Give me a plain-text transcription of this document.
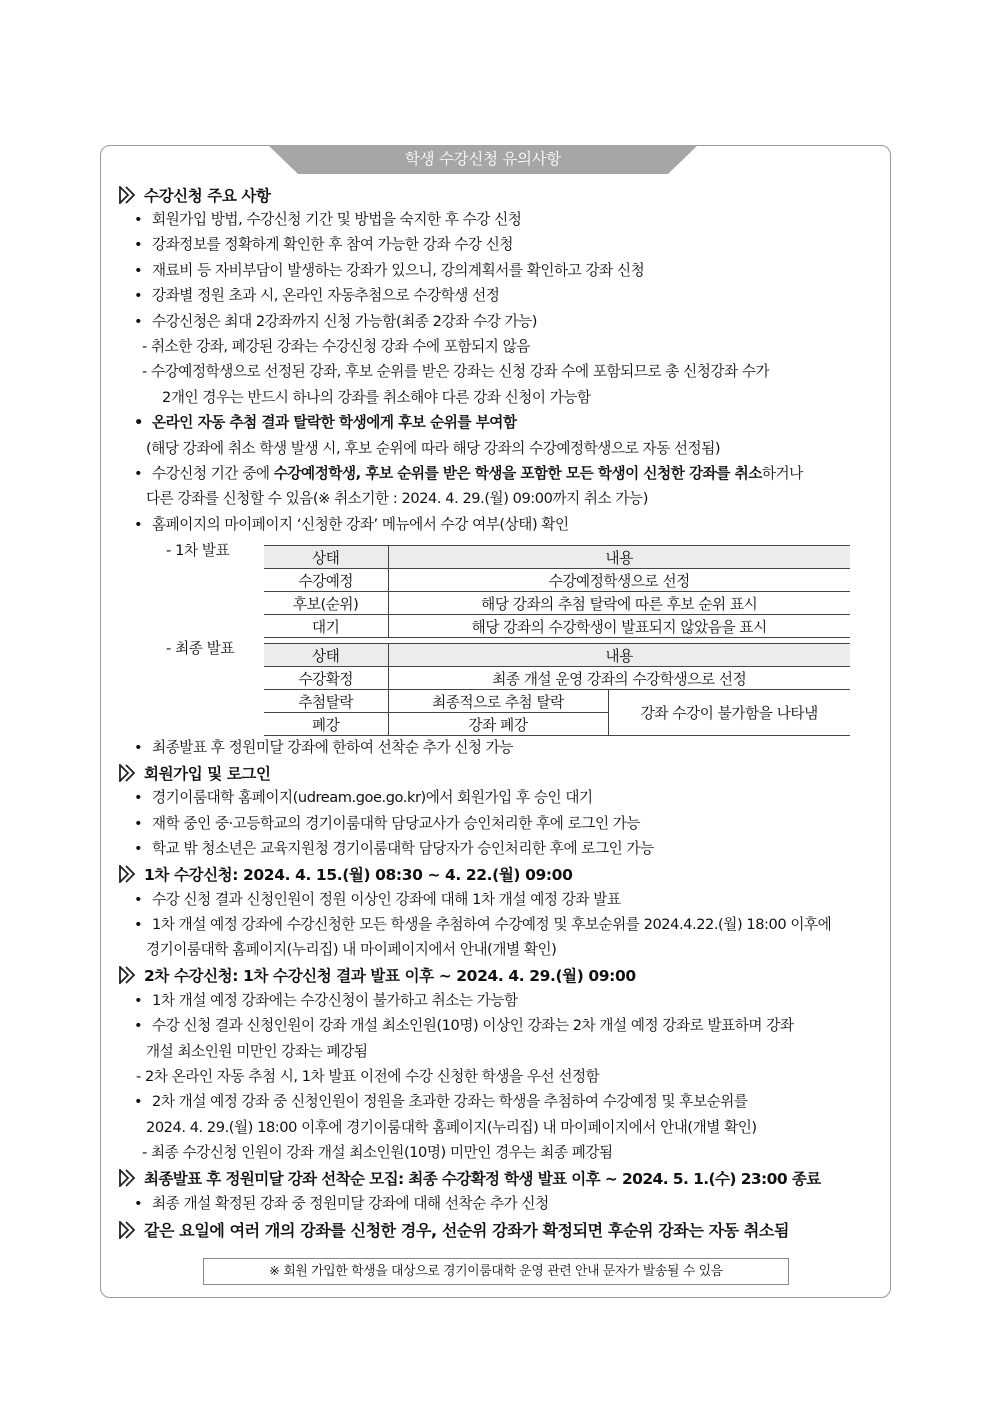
학생 수강신청 유의사항
수강신청 주요 사항
• 회원가입 방법, 수강신청 기간 및 방법을 숙지한 후 수강 신청
• 강좌정보를 정확하게 확인한 후 참여 가능한 강좌 수강 신청
• 재료비 등 자비부담이 발생하는 강좌가 있으니, 강의계획서를 확인하고 강좌 신청
• 강좌별 정원 초과 시, 온라인 자동추첨으로 수강학생 선정
• 수강신청은 최대 2강좌까지 신청 가능함(최종 2강좌 수강 가능)
- 취소한 강좌, 폐강된 강좌는 수강신청 강좌 수에 포함되지 않음
- 수강예정학생으로 선정된 강좌, 후보 순위를 받은 강좌는 신청 강좌 수에 포함되므로 총 신청강좌 수가
2개인 경우는 반드시 하나의 강좌를 취소해야 다른 강좌 신청이 가능함
• 온라인 자동 추첨 결과 탈락한 학생에게 후보 순위를 부여함
(해당 강좌에 취소 학생 발생 시, 후보 순위에 따라 해당 강좌의 수강예정학생으로 자동 선정됨)
• 수강신청 기간 중에 수강예정학생, 후보 순위를 받은 학생을 포함한 모든 학생이 신청한 강좌를 취소하거나
다른 강좌를 신청할 수 있음(※ 취소기한 : 2024. 4. 29.(월) 09:00까지 취소 가능)
• 홈페이지의 마이페이지 ‘신청한 강좌’ 메뉴에서 수강 여부(상태) 확인
- 1차 발표	상태	내용
수강예정	수강예정학생으로 선정
후보(순위)	해당 강좌의 추첨 탈락에 따른 후보 순위 표시
대기	해당 강좌의 수강학생이 발표되지 않았음을 표시
- 최종 발표	상태	내용	
수강확정	최종 개설 운영 강좌의 수강학생으로 선정	
추첨탈락	최종적으로 추첨 탈락	강좌 수강이 불가함을 나타냄
폐강	강좌 폐강	
• 최종발표 후 정원미달 강좌에 한하여 선착순 추가 신청 가능
회원가입 및 로그인
• 경기이룸대학 홈페이지(udream.goe.go.kr)에서 회원가입 후 승인 대기
• 재학 중인 중·고등학교의 경기이룸대학 담당교사가 승인처리한 후에 로그인 가능
• 학교 밖 청소년은 교육지원청 경기이룸대학 담당자가 승인처리한 후에 로그인 가능
1차 수강신청: 2024. 4. 15.(월) 08:30 ~ 4. 22.(월) 09:00
• 수강 신청 결과 신청인원이 정원 이상인 강좌에 대해 1차 개설 예정 강좌 발표
• 1차 개설 예정 강좌에 수강신청한 모든 학생을 추첨하여 수강예정 및 후보순위를 2024.4.22.(월) 18:00 이후에
경기이룸대학 홈페이지(누리집) 내 마이페이지에서 안내(개별 확인)
2차 수강신청: 1차 수강신청 결과 발표 이후 ~ 2024. 4. 29.(월) 09:00
• 1차 개설 예정 강좌에는 수강신청이 불가하고 취소는 가능함
• 수강 신청 결과 신청인원이 강좌 개설 최소인원(10명) 이상인 강좌는 2차 개설 예정 강좌로 발표하며 강좌
개설 최소인원 미만인 강좌는 폐강됨
- 2차 온라인 자동 추첨 시, 1차 발표 이전에 수강 신청한 학생을 우선 선정함
• 2차 개설 예정 강좌 중 신청인원이 정원을 초과한 강좌는 학생을 추첨하여 수강예정 및 후보순위를
2024. 4. 29.(월) 18:00 이후에 경기이룸대학 홈페이지(누리집) 내 마이페이지에서 안내(개별 확인)
- 최종 수강신청 인원이 강좌 개설 최소인원(10명) 미만인 경우는 최종 폐강됨
최종발표 후 정원미달 강좌 선착순 모집: 최종 수강확정 학생 발표 이후 ~ 2024. 5. 1.(수) 23:00 종료
• 최종 개설 확정된 강좌 중 정원미달 강좌에 대해 선착순 추가 신청
같은 요일에 여러 개의 강좌를 신청한 경우, 선순위 강좌가 확정되면 후순위 강좌는 자동 취소됨
※ 회원 가입한 학생을 대상으로 경기이룸대학 운영 관련 안내 문자가 발송될 수 있음
